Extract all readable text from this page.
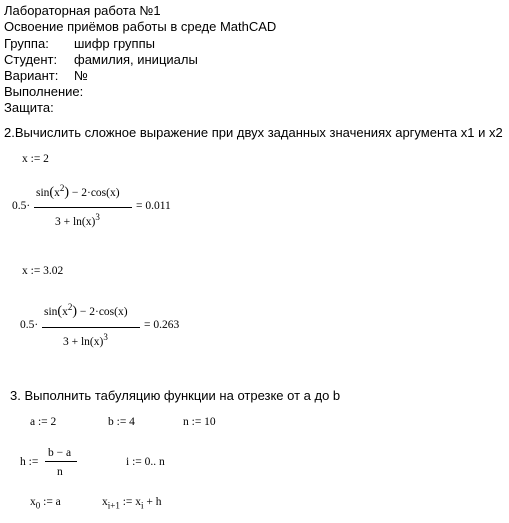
Лабораторная работа №1
Освоение приёмов работы в среде MathCAD
Группа: шифр группы
Студент: фамилия, инициалы
Вариант: №
Выполнение:
Защита:
2.Вычислить сложное выражение при двух заданных значениях аргумента x1 и x2
x := 2
0.5·
$\sin(x^2) - 2\cdot\cos(x)$
$3 + \ln(x)^3$
= 0.011
x := 3.02
0.5·
$\sin(x^2) - 2\cdot\cos(x)$
$3 + \ln(x)^3$
= 0.263
3. Выполнить табуляцию функции на отрезке от a до b
a := 2	b := 4	n := 10
h :=
b − a
n
i := 0.. n
$x_0$ := a	$x_{i+1}$ := $x_i + h$
